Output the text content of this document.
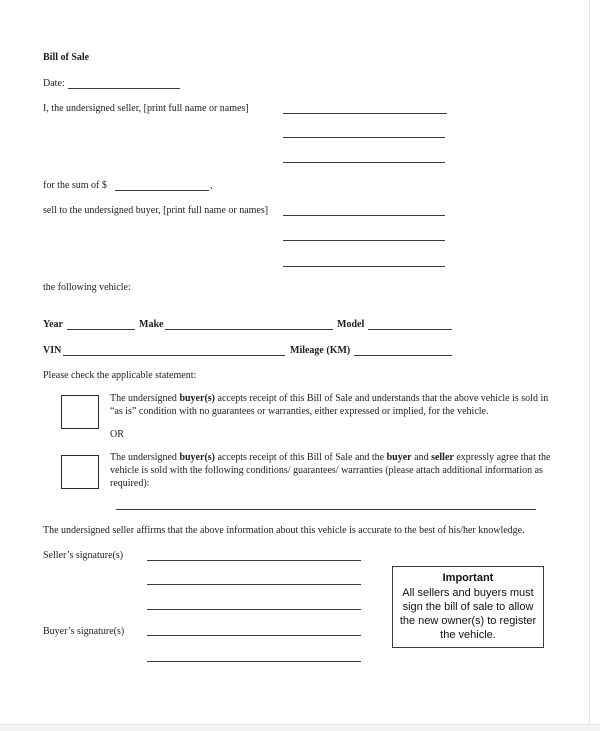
Bill of Sale
Date:
I, the undersigned seller, [print full name or names]
for the sum of $	,
sell to the undersigned buyer, [print full name or names]
the following vehicle:
Year	Make	Model
VIN	Mileage (KM)
Please check the applicable statement:
The undersigned buyer(s) accepts receipt of this Bill of Sale and understands that the above vehicle is sold in “as is” condition with no guarantees or warranties, either expressed or implied, for the vehicle.
OR
The undersigned buyer(s) accepts receipt of this Bill of Sale and the buyer and seller expressly agree that the vehicle is sold with the following conditions/ guarantees/ warranties (please attach additional information as required):
The undersigned seller affirms that the above information about this vehicle is accurate to the best of his/her knowledge.
Seller’s signature(s)
Buyer’s signature(s)
Important
All sellers and buyers must sign the bill of sale to allow the new owner(s) to register the vehicle.
